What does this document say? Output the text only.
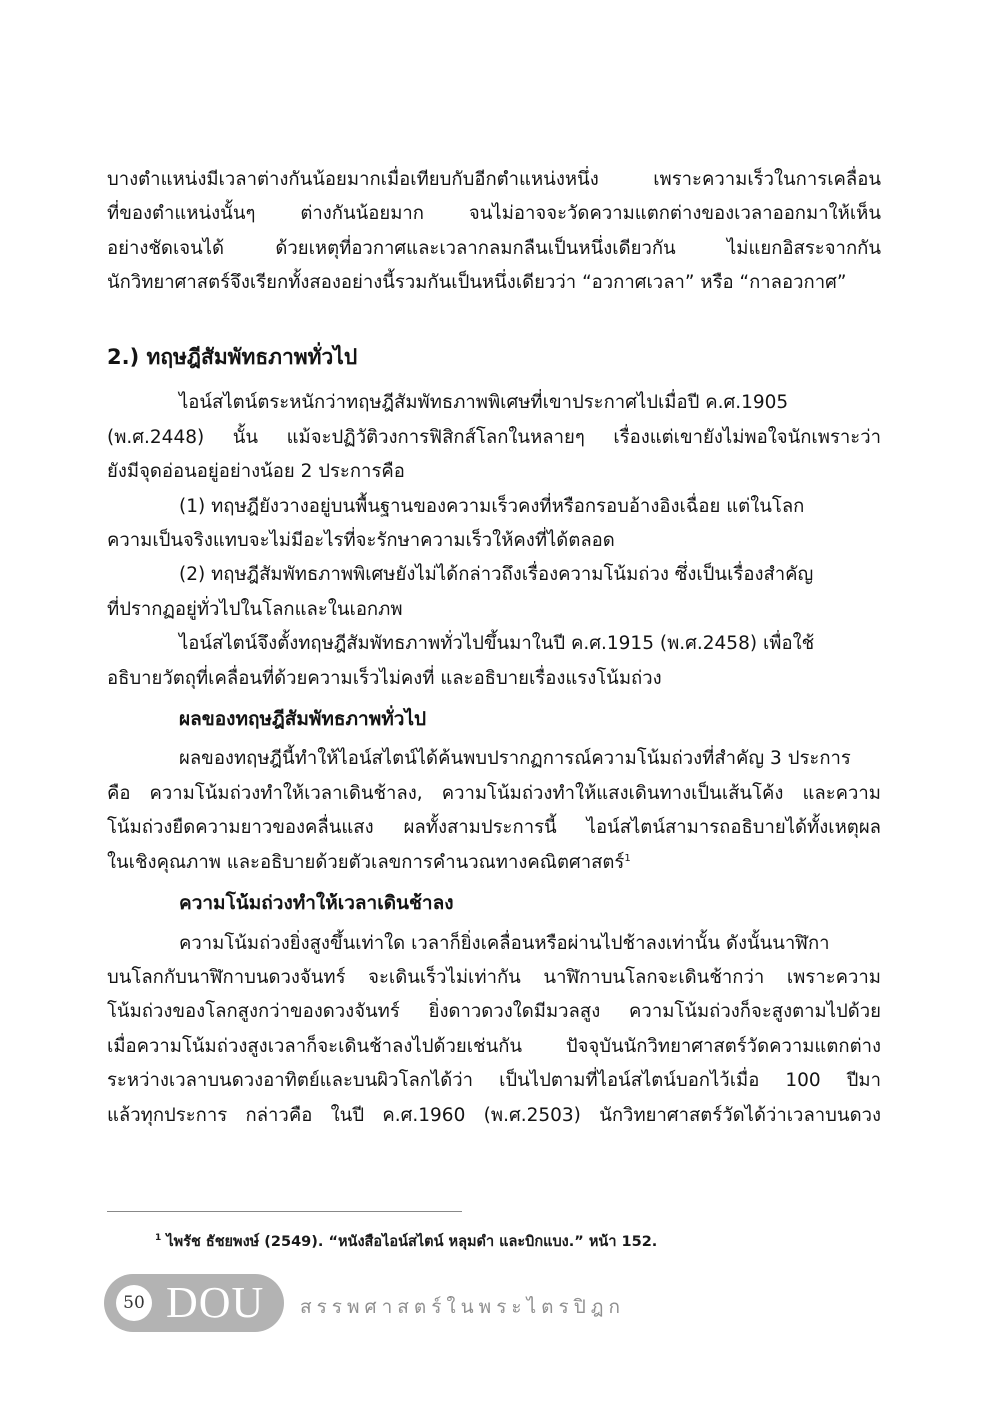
บางตำแหน่งมีเวลาต่างกันน้อยมากเมื่อเทียบกับอีกตำแหน่งหนึ่ง เพราะความเร็วในการเคลื่อน

ที่ของตำแหน่งนั้นๆ ต่างกันน้อยมาก จนไม่อาจจะวัดความแตกต่างของเวลาออกมาให้เห็น

อย่างชัดเจนได้ ด้วยเหตุที่อวกาศและเวลากลมกลืนเป็นหนึ่งเดียวกัน ไม่แยกอิสระจากกัน

นักวิทยาศาสตร์จึงเรียกทั้งสองอย่างนี้รวมกันเป็นหนึ่งเดียวว่า “อวกาศเวลา” หรือ “กาลอวกาศ”

2.) ทฤษฎีสัมพัทธภาพทั่วไป

ไอน์สไตน์ตระหนักว่าทฤษฎีสัมพัทธภาพพิเศษที่เขาประกาศไปเมื่อปี ค.ศ.1905

(พ.ศ.2448) นั้น แม้จะปฏิวัติวงการฟิสิกส์โลกในหลายๆ เรื่องแต่เขายังไม่พอใจนักเพราะว่า

ยังมีจุดอ่อนอยู่อย่างน้อย 2 ประการคือ

(1) ทฤษฎียังวางอยู่บนพื้นฐานของความเร็วคงที่หรือกรอบอ้างอิงเฉื่อย แต่ในโลก

ความเป็นจริงแทบจะไม่มีอะไรที่จะรักษาความเร็วให้คงที่ได้ตลอด

(2) ทฤษฎีสัมพัทธภาพพิเศษยังไม่ได้กล่าวถึงเรื่องความโน้มถ่วง ซึ่งเป็นเรื่องสำคัญ

ที่ปรากฏอยู่ทั่วไปในโลกและในเอกภพ

ไอน์สไตน์จึงตั้งทฤษฎีสัมพัทธภาพทั่วไปขึ้นมาในปี ค.ศ.1915 (พ.ศ.2458) เพื่อใช้

อธิบายวัตถุที่เคลื่อนที่ด้วยความเร็วไม่คงที่ และอธิบายเรื่องแรงโน้มถ่วง

ผลของทฤษฎีสัมพัทธภาพทั่วไป

ผลของทฤษฎีนี้ทำให้ไอน์สไตน์ได้ค้นพบปรากฏการณ์ความโน้มถ่วงที่สำคัญ 3 ประการ

คือ ความโน้มถ่วงทำให้เวลาเดินช้าลง, ความโน้มถ่วงทำให้แสงเดินทางเป็นเส้นโค้ง และความ

โน้มถ่วงยืดความยาวของคลื่นแสง ผลทั้งสามประการนี้ ไอน์สไตน์สามารถอธิบายได้ทั้งเหตุผล

ในเชิงคุณภาพ และอธิบายด้วยตัวเลขการคำนวณทางคณิตศาสตร์$^1$

ความโน้มถ่วงทำให้เวลาเดินช้าลง

ความโน้มถ่วงยิ่งสูงขึ้นเท่าใด เวลาก็ยิ่งเคลื่อนหรือผ่านไปช้าลงเท่านั้น ดังนั้นนาฬิกา

บนโลกกับนาฬิกาบนดวงจันทร์ จะเดินเร็วไม่เท่ากัน นาฬิกาบนโลกจะเดินช้ากว่า เพราะความ

โน้มถ่วงของโลกสูงกว่าของดวงจันทร์ ยิ่งดาวดวงใดมีมวลสูง ความโน้มถ่วงก็จะสูงตามไปด้วย

เมื่อความโน้มถ่วงสูงเวลาก็จะเดินช้าลงไปด้วยเช่นกัน ปัจจุบันนักวิทยาศาสตร์วัดความแตกต่าง

ระหว่างเวลาบนดวงอาทิตย์และบนผิวโลกได้ว่า เป็นไปตามที่ไอน์สไตน์บอกไว้เมื่อ 100 ปีมา

แล้วทุกประการ กล่าวคือ ในปี ค.ศ.1960 (พ.ศ.2503) นักวิทยาศาสตร์วัดได้ว่าเวลาบนดวง

$^1$ ไพรัช ธัชยพงษ์ (2549). “หนังสือไอน์สไตน์ หลุมดำ และบิกแบง.” หน้า 152.
50 DOU สรรพศาสตร์ในพระไตรปิฎก
